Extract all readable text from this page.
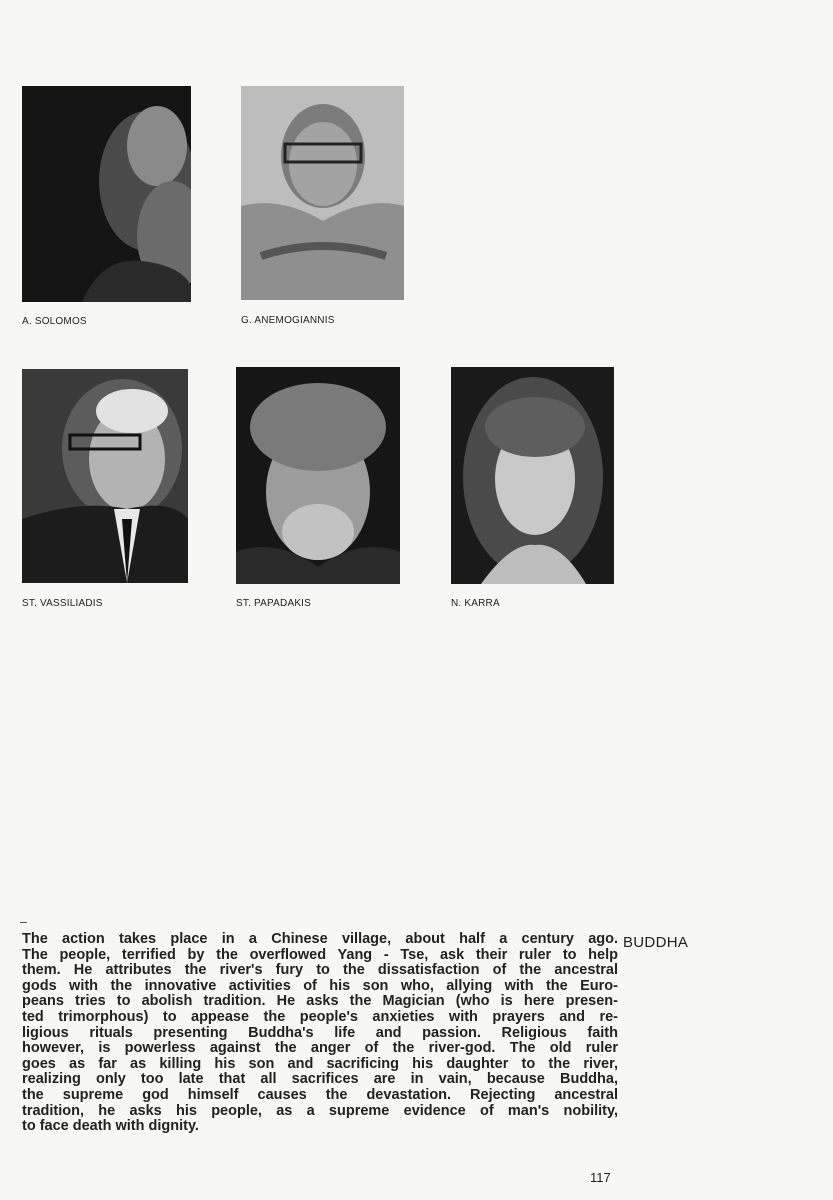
A. SOLOMOS	G. ANEMOGIANNIS
ST. VASSILIADIS	ST. PAPADAKIS	N. KARRA
The action takes place in a Chinese village, about half a century ago.
The people, terrified by the overflowed Yang - Tse, ask their ruler to help
them. He attributes the river's fury to the dissatisfaction of the ancestral
gods with the innovative activities of his son who, allying with the Euro-
peans tries to abolish tradition. He asks the Magician (who is here presen-
ted trimorphous) to appease the people's anxieties with prayers and re-
ligious rituals presenting Buddha's life and passion. Religious faith
however, is powerless against the anger of the river-god. The old ruler
goes as far as killing his son and sacrificing his daughter to the river,
realizing only too late that all sacrifices are in vain, because Buddha,
the supreme god himself causes the devastation. Rejecting ancestral
tradition, he asks his people, as a supreme evidence of man's nobility,
to face death with dignity.
BUDDHA
117
